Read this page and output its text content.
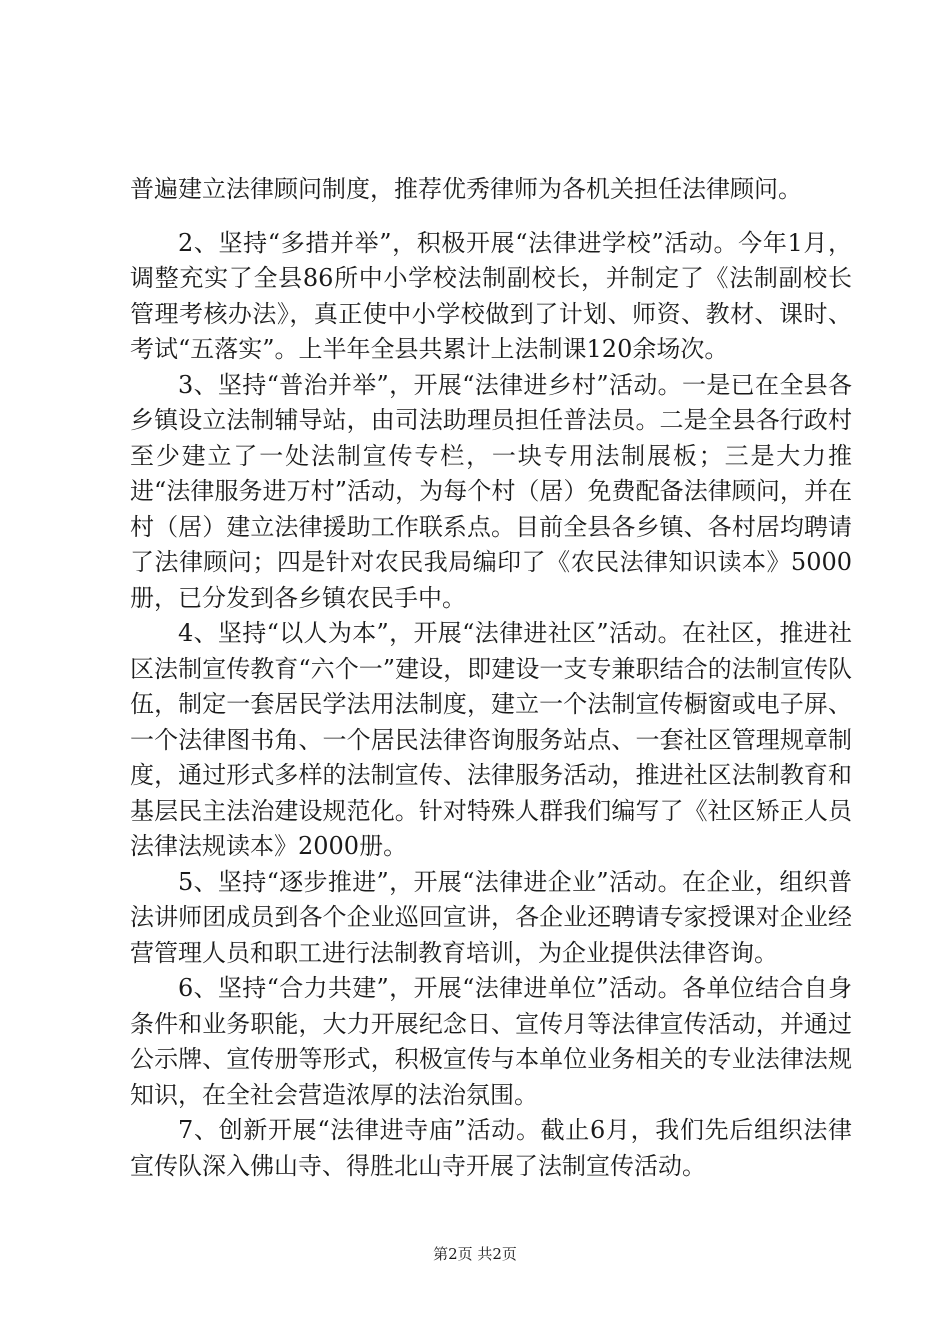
普遍建立法律顾问制度，推荐优秀律师为各机关担任法律顾问。

2、坚持“多措并举”，积极开展“法律进学校”活动。今年1月，调整充实了全县86所中小学校法制副校长，并制定了《法制副校长管理考核办法》，真正使中小学校做到了计划、师资、教材、课时、考试“五落实”。上半年全县共累计上法制课120余场次。

3、坚持“普治并举”，开展“法律进乡村”活动。一是已在全县各乡镇设立法制辅导站，由司法助理员担任普法员。二是全县各行政村至少建立了一处法制宣传专栏，一块专用法制展板；三是大力推进“法律服务进万村”活动，为每个村（居）免费配备法律顾问，并在村（居）建立法律援助工作联系点。目前全县各乡镇、各村居均聘请了法律顾问；四是针对农民我局编印了《农民法律知识读本》5000册，已分发到各乡镇农民手中。

4、坚持“以人为本”，开展“法律进社区”活动。在社区，推进社区法制宣传教育“六个一”建设，即建设一支专兼职结合的法制宣传队伍，制定一套居民学法用法制度，建立一个法制宣传橱窗或电子屏、一个法律图书角、一个居民法律咨询服务站点、一套社区管理规章制度，通过形式多样的法制宣传、法律服务活动，推进社区法制教育和基层民主法治建设规范化。针对特殊人群我们编写了《社区矫正人员法律法规读本》2000册。

5、坚持“逐步推进”，开展“法律进企业”活动。在企业，组织普法讲师团成员到各个企业巡回宣讲，各企业还聘请专家授课对企业经营管理人员和职工进行法制教育培训，为企业提供法律咨询。

6、坚持“合力共建”，开展“法律进单位”活动。各单位结合自身条件和业务职能，大力开展纪念日、宣传月等法律宣传活动，并通过公示牌、宣传册等形式，积极宣传与本单位业务相关的专业法律法规知识，在全社会营造浓厚的法治氛围。

7、创新开展“法律进寺庙”活动。截止6月，我们先后组织法律宣传队深入佛山寺、得胜北山寺开展了法制宣传活动。

第2页 共2页
